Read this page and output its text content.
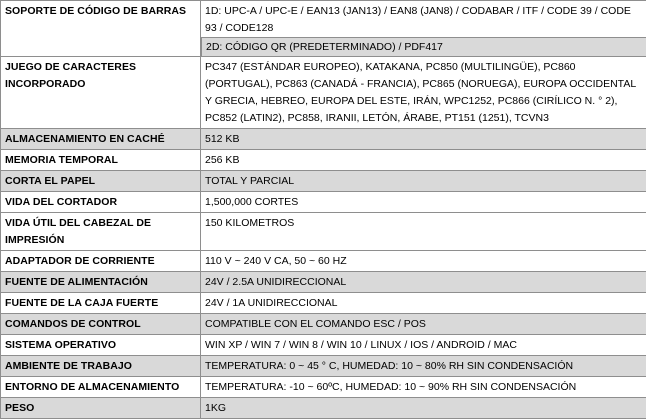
SOPORTE DE CÓDIGO DE BARRAS	1D: UPC-A / UPC-E / EAN13 (JAN13) / EAN8 (JAN8) / CODABAR / ITF / CODE 39 / CODE 93 / CODE128
2D: CÓDIGO QR (PREDETERMINADO) / PDF417

JUEGO DE CARACTERES INCORPORADO	PC347 (ESTÁNDAR EUROPEO), KATAKANA, PC850 (MULTILINGÜE), PC860 (PORTUGAL), PC863 (CANADÁ - FRANCIA), PC865 (NORUEGA), EUROPA OCCIDENTAL Y GRECIA, HEBREO, EUROPA DEL ESTE, IRÁN, WPC1252, PC866 (CIRÍLICO N. ° 2), PC852 (LATIN2), PC858, IRANII, LETÓN, ÁRABE, PT151 (1251), TCVN3
ALMACENAMIENTO EN CACHÉ	512 KB
MEMORIA TEMPORAL	256 KB
CORTA EL PAPEL	TOTAL Y PARCIAL
VIDA DEL CORTADOR	1,500,000 CORTES
VIDA ÚTIL DEL CABEZAL DE IMPRESIÓN	150 KILOMETROS
ADAPTADOR DE CORRIENTE	110 V ~ 240 V CA, 50 ~ 60 HZ
FUENTE DE ALIMENTACIÓN	24V / 2.5A UNIDIRECCIONAL
FUENTE DE LA CAJA FUERTE	24V / 1A UNIDIRECCIONAL
COMANDOS DE CONTROL	COMPATIBLE CON EL COMANDO ESC / POS
SISTEMA OPERATIVO	WIN XP / WIN 7 / WIN 8 / WIN 10 / LINUX / IOS / ANDROID / MAC
AMBIENTE DE TRABAJO	TEMPERATURA: 0 ~ 45 ° C, HUMEDAD: 10 ~ 80% RH SIN CONDENSACIÓN
ENTORNO DE ALMACENAMIENTO	TEMPERATURA: -10 ~ 60ºC, HUMEDAD: 10 ~ 90% RH SIN CONDENSACIÓN
PESO	1KG
